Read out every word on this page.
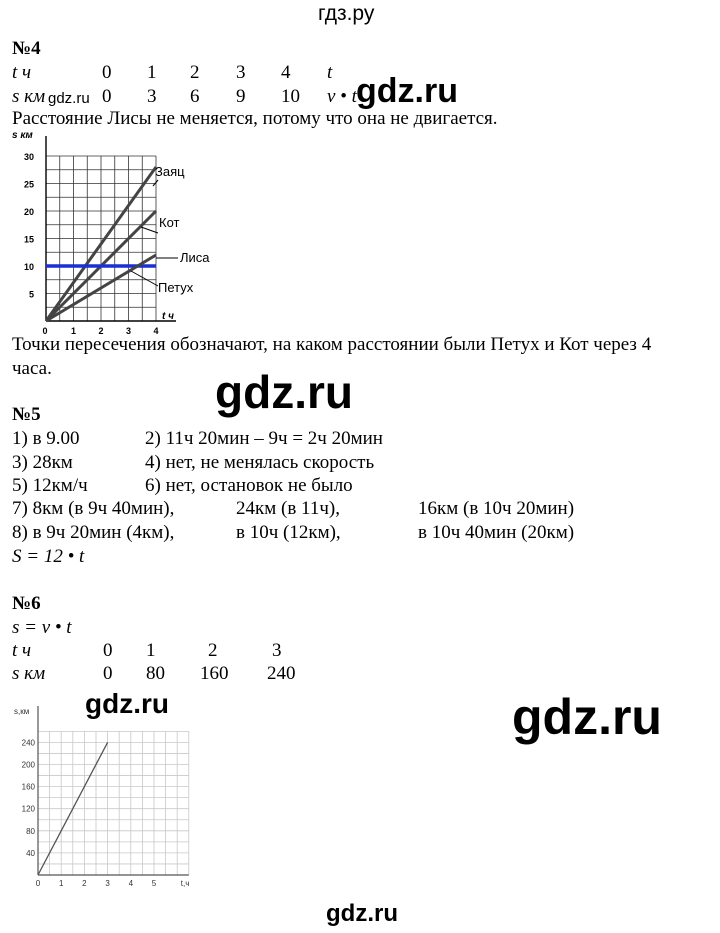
гдз.ру
№4
t ч	0 1 2 3 4 t
s км	0 3 6 9 10 v • t
gdz.ru	gdz.ru
Расстояние Лисы не меняется, потому что она не двигается.
s км
t ч
5
10
15
20
25
30
0	1 2 3 4
Заяц
Кот
Лиса
Петух
Точки пересечения обозначают, на каком расстоянии были Петух и Кот через 4
часа.	gdz.ru
№5
1) в 9.00	2) 11ч 20мин – 9ч = 2ч 20мин
3) 28км	4) нет, не менялась скорость
5) 12км/ч	6) нет, остановок не было
7) 8км (в 9ч 40мин),	24км (в 11ч),	16км (в 10ч 20мин)
8) в 9ч 20мин (4км),	в 10ч (12км),	в 10ч 40мин (20км)
S = 12 • t
№6
s = v • t
t ч	0 1	2	3
s км	0 80 160 240
gdz.ru	gdz.ru
s,км
t,ч
40
80
120
160
200
240
0 1 2 3 4 5
gdz.ru
